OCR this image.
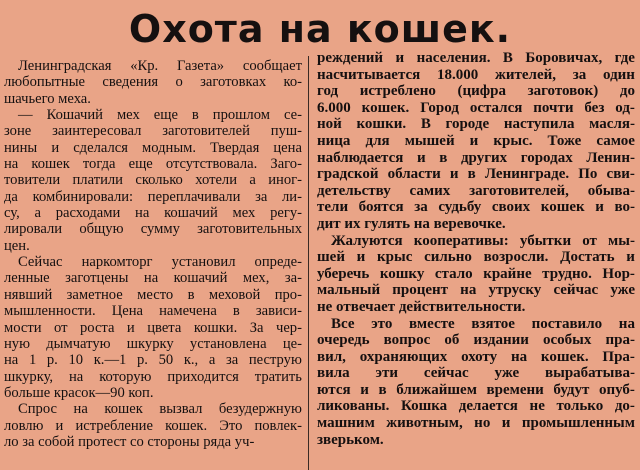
Охота на кошек.
Ленинградская «Кр. Газета» сообщает
любопытные сведения о заготовках ко-
шачьего меха.
— Кошачий мех еще в прошлом се-
зоне заинтересовал заготовителей пуш-
нины и сделался модным. Твердая цена
на кошек тогда еще отсутствовала. Заго-
товители платили сколько хотели а иног-
да комбинировали: переплачивали за ли-
су, а расходами на кошачий мех регу-
лировали общую сумму заготовительных
цен.
Сейчас наркомторг установил опреде-
ленные заготцены на кошачий мех, за-
нявший заметное место в меховой про-
мышленности. Цена намечена в зависи-
мости от роста и цвета кошки. За чер-
ную дымчатую шкурку установлена це-
на 1 р. 10 к.—1 р. 50 к., а за пеструю
шкурку, на которую приходится тратить
больше красок—90 коп.
Спрос на кошек вызвал безудержную
ловлю и истребление кошек. Это повлек-
ло за собой протест со стороны ряда уч-
реждений и населения. В Боровичах, где
насчитывается 18.000 жителей, за один
год истреблено (цифра заготовок) до
6.000 кошек. Город остался почти без од-
ной кошки. В городе наступила масля-
ница для мышей и крыс. Тоже самое
наблюдается и в других городах Ленин-
градской области и в Ленинграде. По сви-
детельству самих заготовителей, обыва-
тели боятся за судьбу своих кошек и во-
дит их гулять на веревочке.
Жалуются кооперативы: убытки от мы-
шей и крыс сильно возросли. Достать и
уберечь кошку стало крайне трудно. Нор-
мальный процент на утруску сейчас уже
не отвечает действительности.
Все это вместе взятое поставило на
очередь вопрос об издании особых пра-
вил, охраняющих охоту на кошек. Пра-
вила эти сейчас уже вырабатыва-
ются и в ближайшем времени будут опуб-
ликованы. Кошка делается не только до-
машним животным, но и промышленным
зверьком.
